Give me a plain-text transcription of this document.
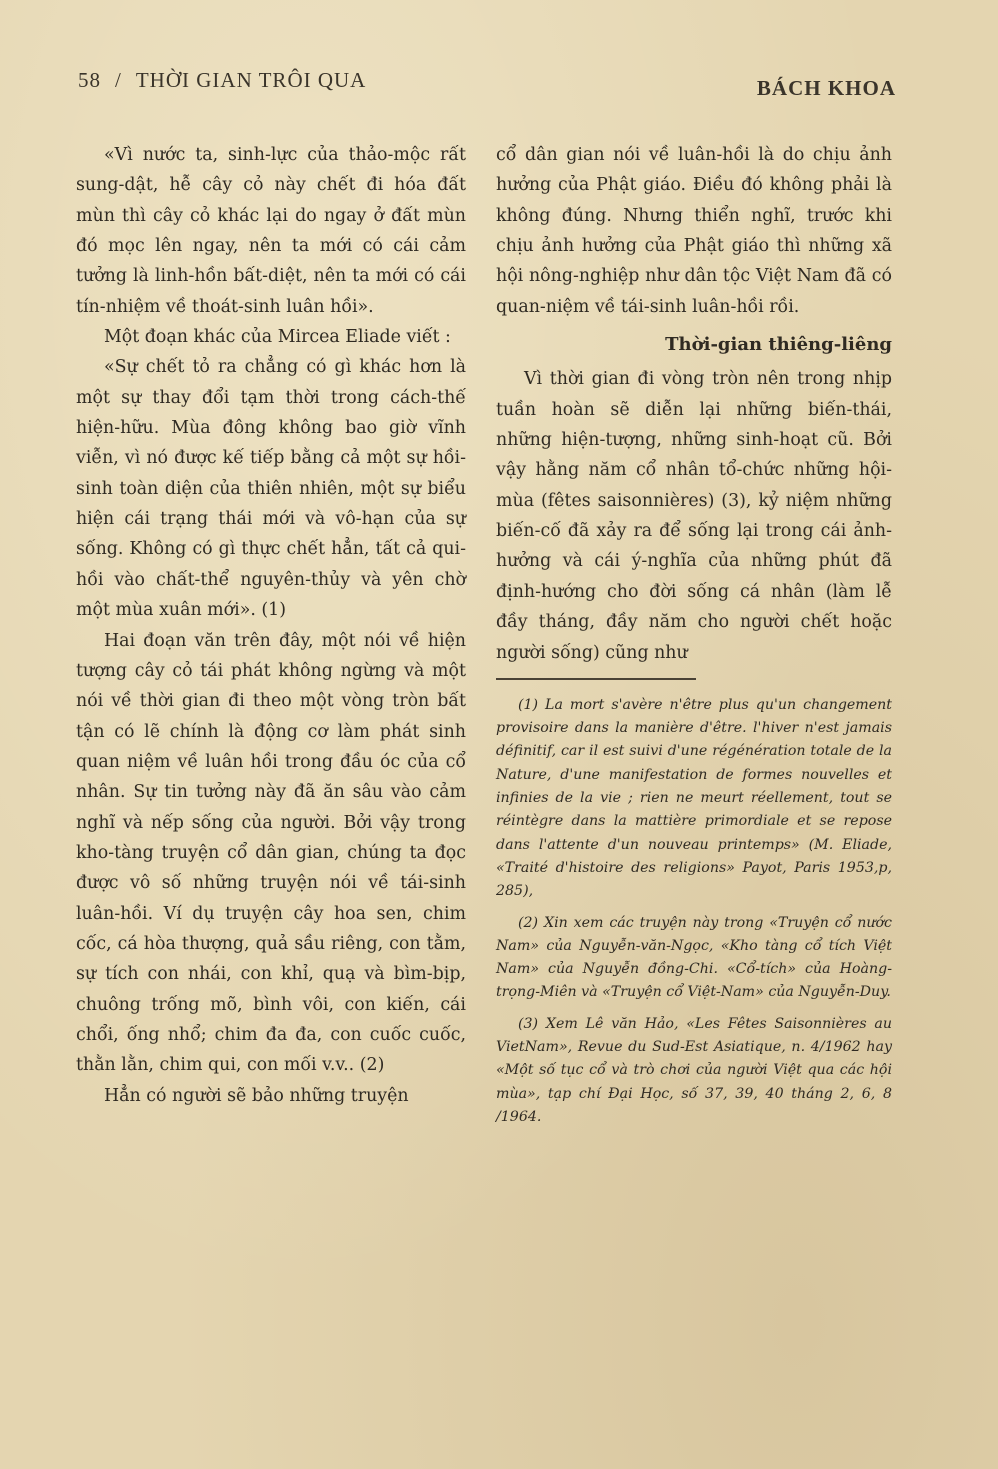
58 / THỜI GIAN TRÔI QUA	BÁCH KHOA

«Vì nước ta, sinh-lực của thảo-mộc rất sung-dật, hễ cây cỏ này chết đi hóa đất mùn thì cây cỏ khác lại do ngay ở đất mùn đó mọc lên ngay, nên ta mới có cái cảm tưởng là linh-hồn bất-diệt, nên ta mới có cái tín-nhiệm về thoát-sinh luân hồi».

Một đoạn khác của Mircea Eliade viết :

«Sự chết tỏ ra chẳng có gì khác hơn là một sự thay đổi tạm thời trong cách-thế hiện-hữu. Mùa đông không bao giờ vĩnh viễn, vì nó được kế tiếp bằng cả một sự hồi-sinh toàn diện của thiên nhiên, một sự biểu hiện cái trạng thái mới và vô-hạn của sự sống. Không có gì thực chết hẳn, tất cả qui-hồi vào chất-thể nguyên-thủy và yên chờ một mùa xuân mới». (1)

Hai đoạn văn trên đây, một nói về hiện tượng cây cỏ tái phát không ngừng và một nói về thời gian đi theo một vòng tròn bất tận có lẽ chính là động cơ làm phát sinh quan niệm về luân hồi trong đầu óc của cổ nhân. Sự tin tưởng này đã ăn sâu vào cảm nghĩ và nếp sống của người. Bởi vậy trong kho-tàng truyện cổ dân gian, chúng ta đọc được vô số những truyện nói về tái-sinh luân-hồi. Ví dụ truyện cây hoa sen, chim cốc, cá hòa thượng, quả sầu riêng, con tằm, sự tích con nhái, con khỉ, quạ và bìm-bịp, chuông trống mõ, bình vôi, con kiến, cái chổi, ống nhổ; chim đa đa, con cuốc cuốc, thằn lằn, chim qui, con mối v.v.. (2)

Hẳn có người sẽ bảo những truyện

cổ dân gian nói về luân-hồi là do chịu ảnh hưởng của Phật giáo. Điều đó không phải là không đúng. Nhưng thiển nghĩ, trước khi chịu ảnh hưởng của Phật giáo thì những xã hội nông-nghiệp như dân tộc Việt Nam đã có quan-niệm về tái-sinh luân-hồi rồi.

Thời-gian thiêng-liêng

Vì thời gian đi vòng tròn nên trong nhịp tuần hoàn sẽ diễn lại những biến-thái, những hiện-tượng, những sinh-hoạt cũ. Bởi vậy hằng năm cổ nhân tổ-chức những hội-mùa (fêtes saisonnières) (3), kỷ niệm những biến-cố đã xảy ra để sống lại trong cái ảnh-hưởng và cái ý-nghĩa của những phút đã định-hướng cho đời sống cá nhân (làm lễ đầy tháng, đầy năm cho người chết hoặc người sống) cũng như

(1) La mort s'avère n'être plus qu'un changement provisoire dans la manière d'être. l'hiver n'est jamais définitif, car il est suivi d'une régénération totale de la Nature, d'une manifestation de formes nouvelles et infinies de la vie ; rien ne meurt réellement, tout se réintègre dans la mattière primordiale et se repose dans l'attente d'un nouveau printemps» (M. Eliade, «Traité d'histoire des religions» Payot, Paris 1953,p, 285),

(2) Xin xem các truyện này trong «Truyện cổ nước Nam» của Nguyễn-văn-Ngọc, «Kho tàng cổ tích Việt Nam» của Nguyễn đồng-Chi. «Cổ-tích» của Hoàng-trọng-Miên và «Truyện cổ Việt-Nam» của Nguyễn-Duy.

(3) Xem Lê văn Hảo, «Les Fêtes Saisonnières au VietNam», Revue du Sud-Est Asiatique, n. 4/1962 hay «Một số tục cổ và trò chơi của người Việt qua các hội mùa», tạp chí Đại Học, số 37, 39, 40 tháng 2, 6, 8 /1964.
